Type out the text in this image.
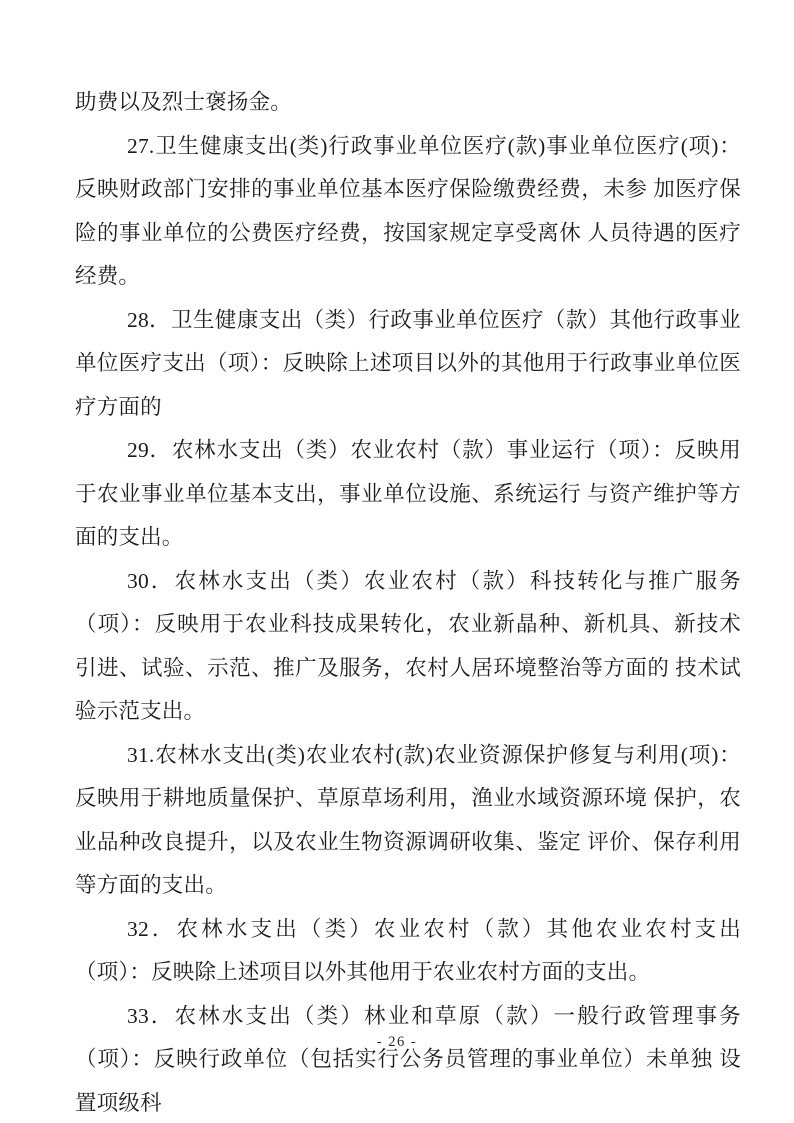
助费以及烈士褒扬金。

27.卫生健康支出(类)行政事业单位医疗(款)事业单位医疗(项)：反映财政部门安排的事业单位基本医疗保险缴费经费，未参 加医疗保险的事业单位的公费医疗经费，按国家规定享受离休 人员待遇的医疗经费。

28．卫生健康支出（类）行政事业单位医疗（款）其他行政事业单位医疗支出（项）：反映除上述项目以外的其他用于行政事业单位医疗方面的

29．农林水支出（类）农业农村（款）事业运行（项）：反映用于农业事业单位基本支出，事业单位设施、系统运行 与资产维护等方面的支出。

30．农林水支出（类）农业农村（款）科技转化与推广服务（项）：反映用于农业科技成果转化，农业新晶种、新机具、新技术 引进、试验、示范、推广及服务，农村人居环境整治等方面的 技术试验示范支出。

31.农林水支出(类)农业农村(款)农业资源保护修复与利用(项)：反映用于耕地质量保护、草原草场利用，渔业水域资源环境 保护，农业品种改良提升，以及农业生物资源调研收集、鉴定 评价、保存利用等方面的支出。

32．农林水支出（类）农业农村（款）其他农业农村支出（项）：反映除上述项目以外其他用于农业农村方面的支出。

33．农林水支出（类）林业和草原（款）一般行政管理事务（项）：反映行政单位（包括实行公务员管理的事业单位）未单独 设置项级科

- 26 -
